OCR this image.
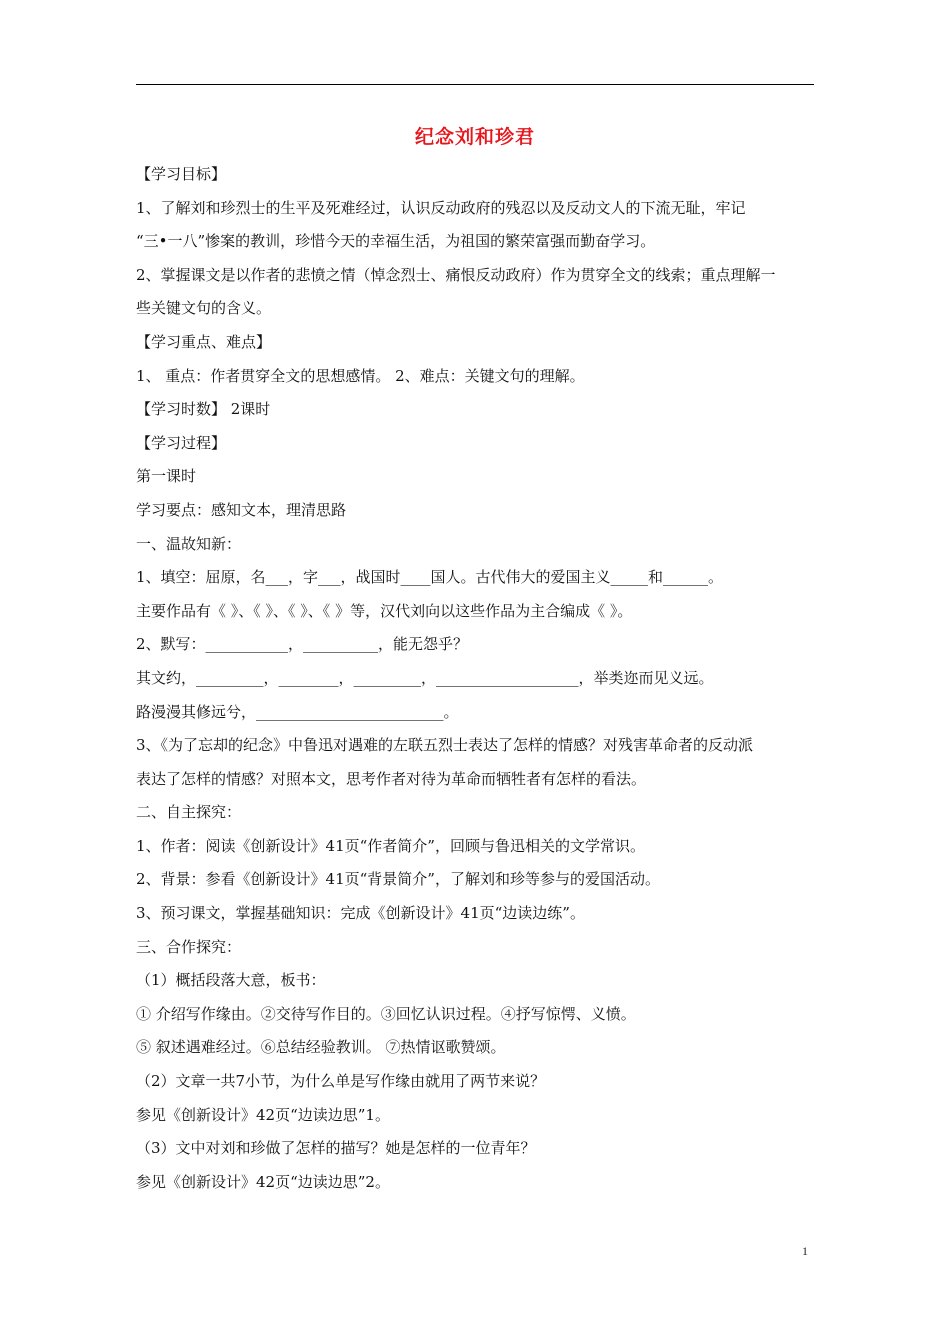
纪念刘和珍君
【学习目标】
1、了解刘和珍烈士的生平及死难经过，认识反动政府的残忍以及反动文人的下流无耻，牢记
“三•一八”惨案的教训，珍惜今天的幸福生活，为祖国的繁荣富强而勤奋学习。
2、掌握课文是以作者的悲愤之情（悼念烈士、痛恨反动政府）作为贯穿全文的线索；重点理解一
些关键文句的含义。
【学习重点、难点】
1、 重点：作者贯穿全文的思想感情。 2、难点：关键文句的理解。
【学习时数】 2课时
【学习过程】
第一课时
学习要点：感知文本，理清思路
一、温故知新：
1、填空：屈原，名___，字___，战国时____国人。古代伟大的爱国主义_____和______。
主要作品有《 》、《 》、《 》、《 》等，汉代刘向以这些作品为主合编成《 》。
2、默写：___________，__________，能无怨乎？
其文约，_________，________，_________，___________________，举类迩而见义远。
路漫漫其修远兮，_________________________。
3、《为了忘却的纪念》中鲁迅对遇难的左联五烈士表达了怎样的情感？对残害革命者的反动派
表达了怎样的情感？对照本文，思考作者对待为革命而牺牲者有怎样的看法。
二、自主探究：
1、作者：阅读《创新设计》41页“作者简介”，回顾与鲁迅相关的文学常识。
2、背景：参看《创新设计》41页“背景简介”，了解刘和珍等参与的爱国活动。
3、预习课文，掌握基础知识：完成《创新设计》41页“边读边练”。
三、合作探究：
（1）概括段落大意，板书：
① 介绍写作缘由。②交待写作目的。③回忆认识过程。④抒写惊愕、义愤。
⑤ 叙述遇难经过。⑥总结经验教训。 ⑦热情讴歌赞颂。
（2）文章一共7小节，为什么单是写作缘由就用了两节来说？
参见《创新设计》42页“边读边思”1。
（3）文中对刘和珍做了怎样的描写？她是怎样的一位青年？
参见《创新设计》42页“边读边思”2。
1
